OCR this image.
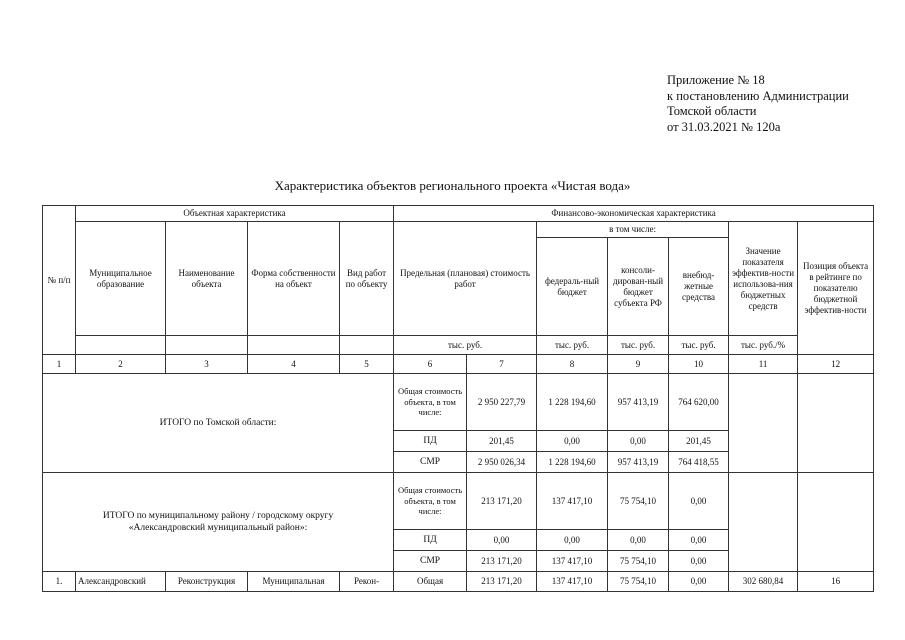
Приложение № 18
к постановлению Администрации
Томской области
от 31.03.2021 № 120а
Характеристика объектов регионального проекта «Чистая вода»
№ п/п	Объектная характеристика				Финансово-экономическая характеристика						
	Муниципальное образование	Наименование объекта	Форма собственности на объект	Вид работ по объекту	Предельная (плановая) стоимость работ		в том числе:			Значение показателя эффектив-ности использова-ния бюджетных средств	Позиция объекта в рейтинге по показателю бюджетной эффектив-ности
							федераль-ный бюджет	консоли-дирован-ный бюджет субъекта РФ	внебюд-жетные средства		
					тыс. руб.		тыс. руб.	тыс. руб.	тыс. руб.	тыс. руб./%	
1	2	3	4	5	6	7	8	9	10	11	12
ИТОГО по Томской области:					Общая стоимость объекта, в том числе:	2 950 227,79	1 228 194,60	957 413,19	764 620,00		
					ПД	201,45	0,00	0,00	201,45		
					СМР	2 950 026,34	1 228 194,60	957 413,19	764 418,55		

ИТОГО по муниципальному району / городскому округу
«Александровский муниципальный район»:					Общая стоимость объекта, в том числе:	213 171,20	137 417,10	75 754,10	0,00		
					ПД	0,00	0,00	0,00	0,00		
					СМР	213 171,20	137 417,10	75 754,10	0,00		
1.	Александровский	Реконструкция	Муниципальная	Рекон-	Общая	213 171,20	137 417,10	75 754,10	0,00	302 680,84	16
